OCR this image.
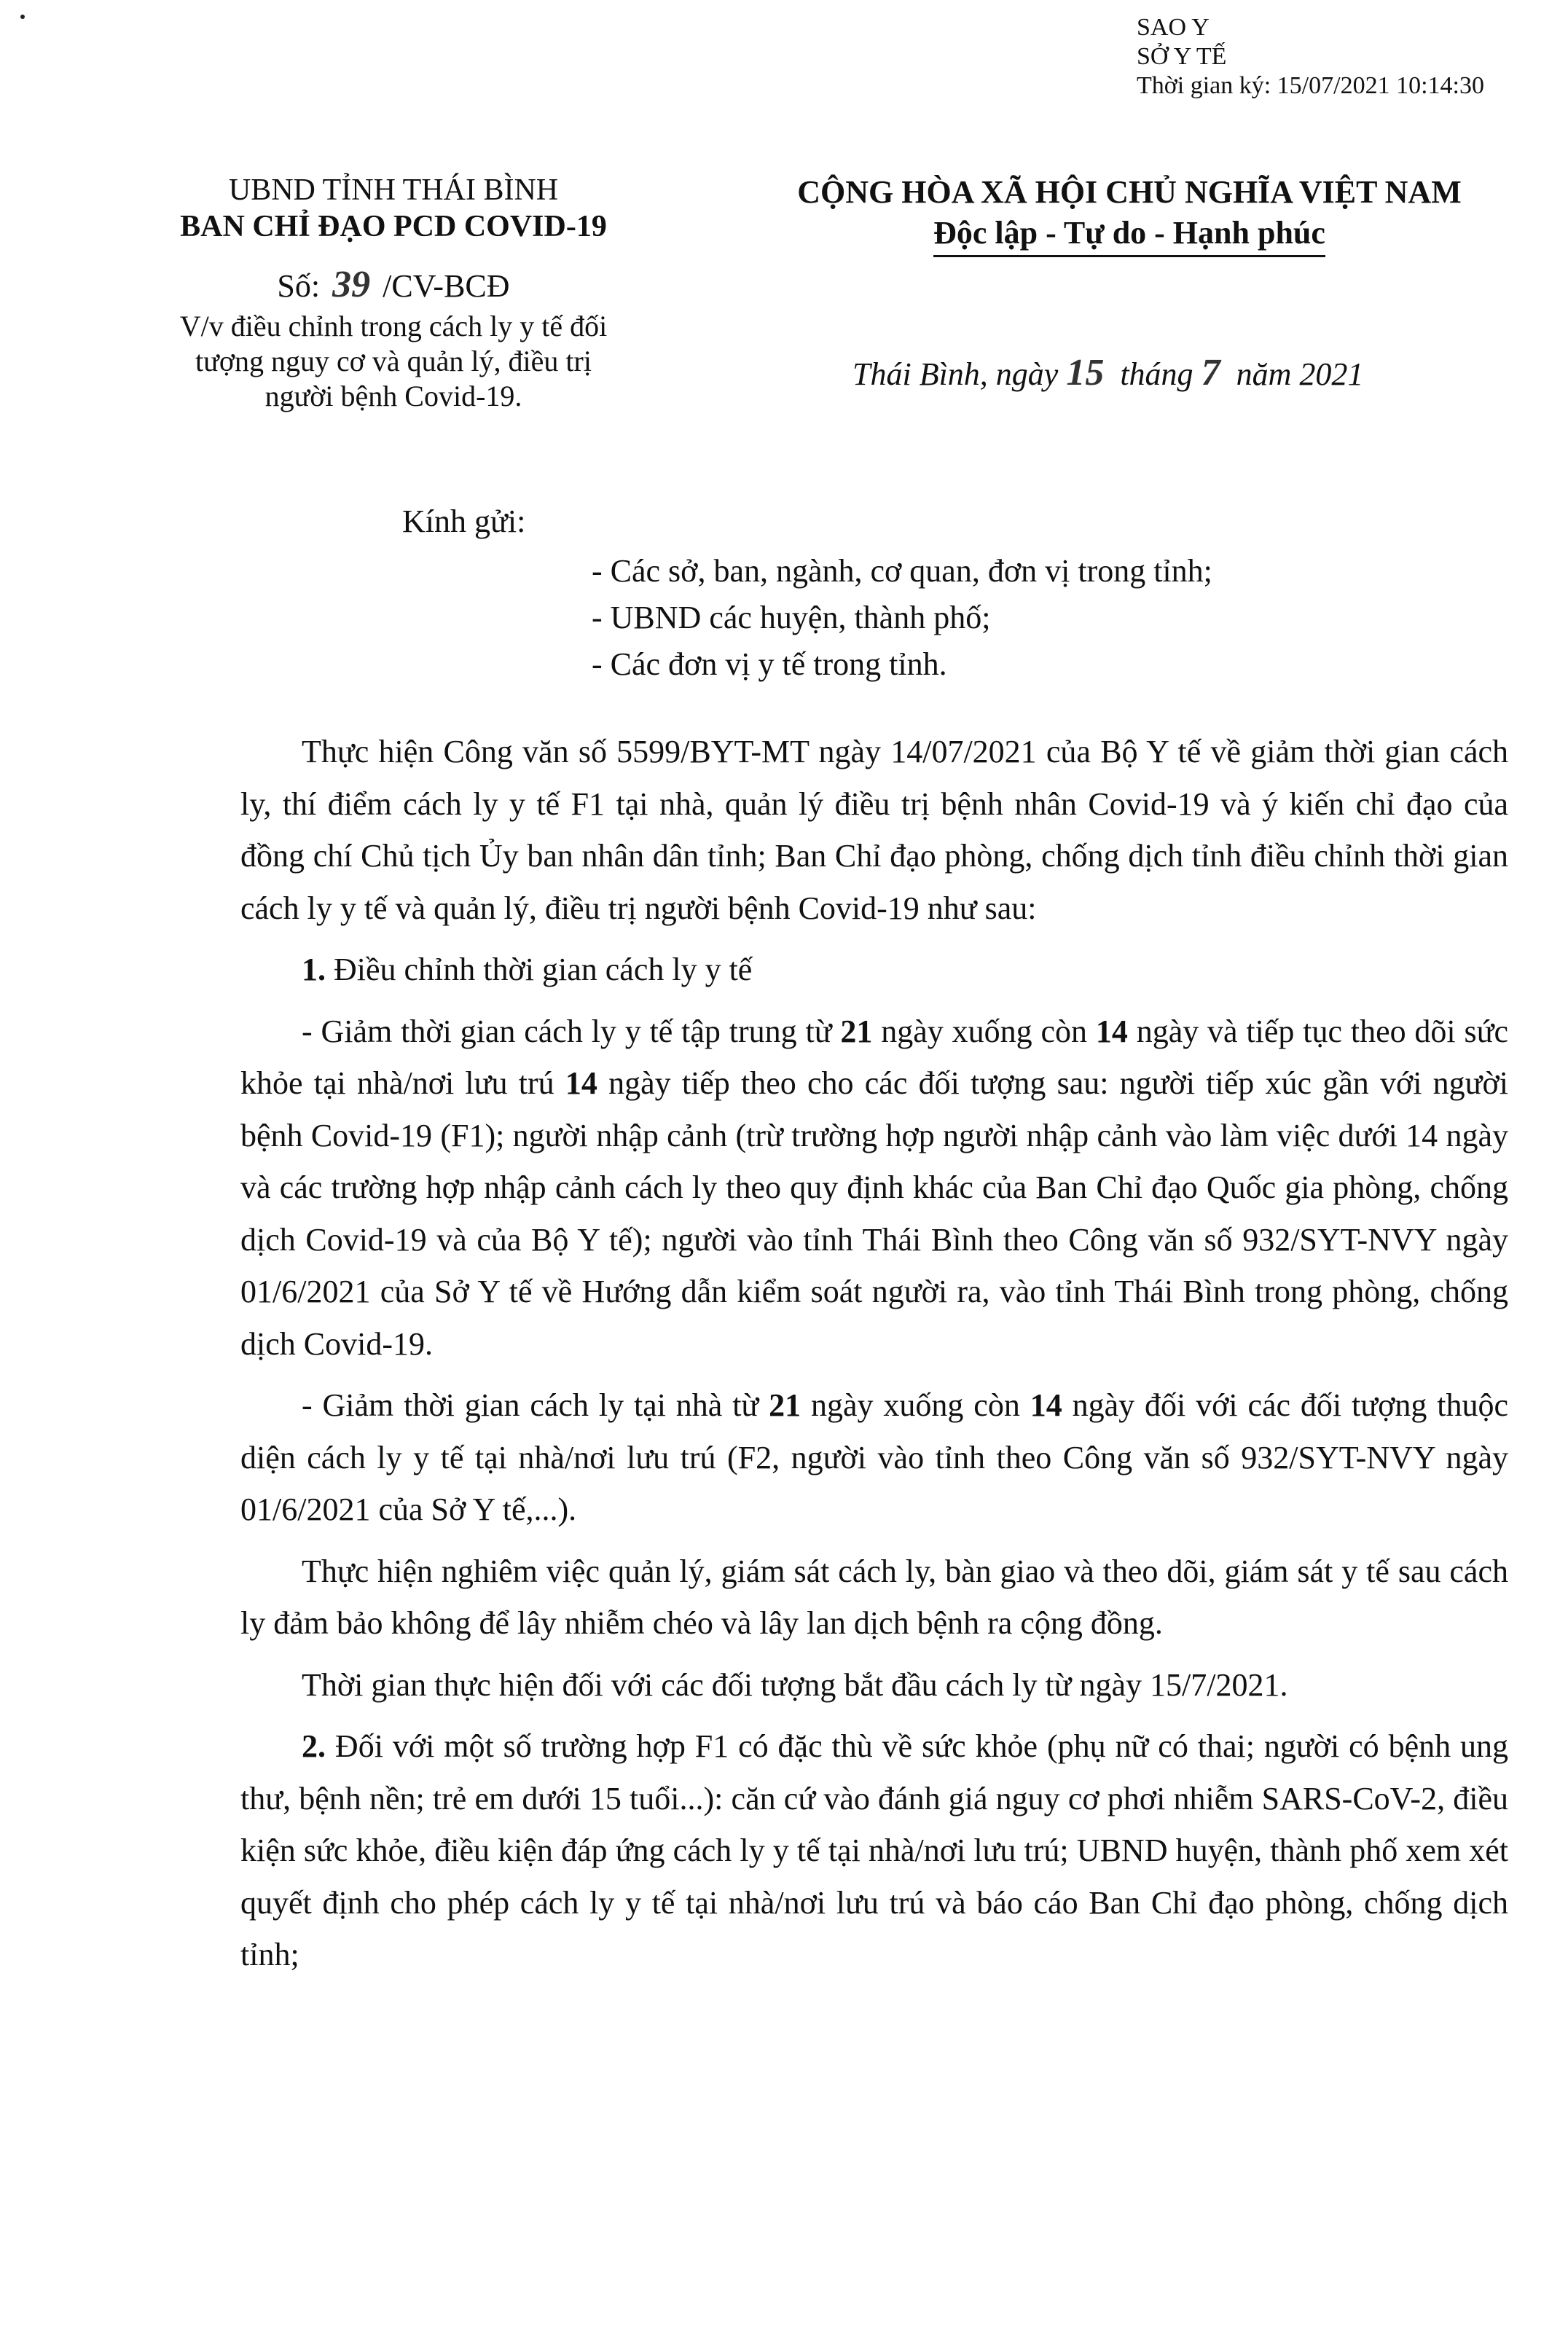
SAO Y
SỞ Y TẾ
Thời gian ký: 15/07/2021 10:14:30
UBND TỈNH THÁI BÌNH
BAN CHỈ ĐẠO PCD COVID-19
Số: 39 /CV-BCĐ
V/v điều chỉnh trong cách ly y tế đối tượng nguy cơ và quản lý, điều trị người bệnh Covid-19.
CỘNG HÒA XÃ HỘI CHỦ NGHĨA VIỆT NAM
Độc lập - Tự do - Hạnh phúc
Thái Bình, ngày 15 tháng 7 năm 2021
Kính gửi:
- Các sở, ban, ngành, cơ quan, đơn vị trong tỉnh;
- UBND các huyện, thành phố;
- Các đơn vị y tế trong tỉnh.

Thực hiện Công văn số 5599/BYT-MT ngày 14/07/2021 của Bộ Y tế về giảm thời gian cách ly, thí điểm cách ly y tế F1 tại nhà, quản lý điều trị bệnh nhân Covid-19 và ý kiến chỉ đạo của đồng chí Chủ tịch Ủy ban nhân dân tỉnh; Ban Chỉ đạo phòng, chống dịch tỉnh điều chỉnh thời gian cách ly y tế và quản lý, điều trị người bệnh Covid-19 như sau:

1. Điều chỉnh thời gian cách ly y tế

- Giảm thời gian cách ly y tế tập trung từ 21 ngày xuống còn 14 ngày và tiếp tục theo dõi sức khỏe tại nhà/nơi lưu trú 14 ngày tiếp theo cho các đối tượng sau: người tiếp xúc gần với người bệnh Covid-19 (F1); người nhập cảnh (trừ trường hợp người nhập cảnh vào làm việc dưới 14 ngày và các trường hợp nhập cảnh cách ly theo quy định khác của Ban Chỉ đạo Quốc gia phòng, chống dịch Covid-19 và của Bộ Y tế); người vào tỉnh Thái Bình theo Công văn số 932/SYT-NVY ngày 01/6/2021 của Sở Y tế về Hướng dẫn kiểm soát người ra, vào tỉnh Thái Bình trong phòng, chống dịch Covid-19.

- Giảm thời gian cách ly tại nhà từ 21 ngày xuống còn 14 ngày đối với các đối tượng thuộc diện cách ly y tế tại nhà/nơi lưu trú (F2, người vào tỉnh theo Công văn số 932/SYT-NVY ngày 01/6/2021 của Sở Y tế,...).

Thực hiện nghiêm việc quản lý, giám sát cách ly, bàn giao và theo dõi, giám sát y tế sau cách ly đảm bảo không để lây nhiễm chéo và lây lan dịch bệnh ra cộng đồng.

Thời gian thực hiện đối với các đối tượng bắt đầu cách ly từ ngày 15/7/2021.

2. Đối với một số trường hợp F1 có đặc thù về sức khỏe (phụ nữ có thai; người có bệnh ung thư, bệnh nền; trẻ em dưới 15 tuổi...): căn cứ vào đánh giá nguy cơ phơi nhiễm SARS-CoV-2, điều kiện sức khỏe, điều kiện đáp ứng cách ly y tế tại nhà/nơi lưu trú; UBND huyện, thành phố xem xét quyết định cho phép cách ly y tế tại nhà/nơi lưu trú và báo cáo Ban Chỉ đạo phòng, chống dịch tỉnh;
